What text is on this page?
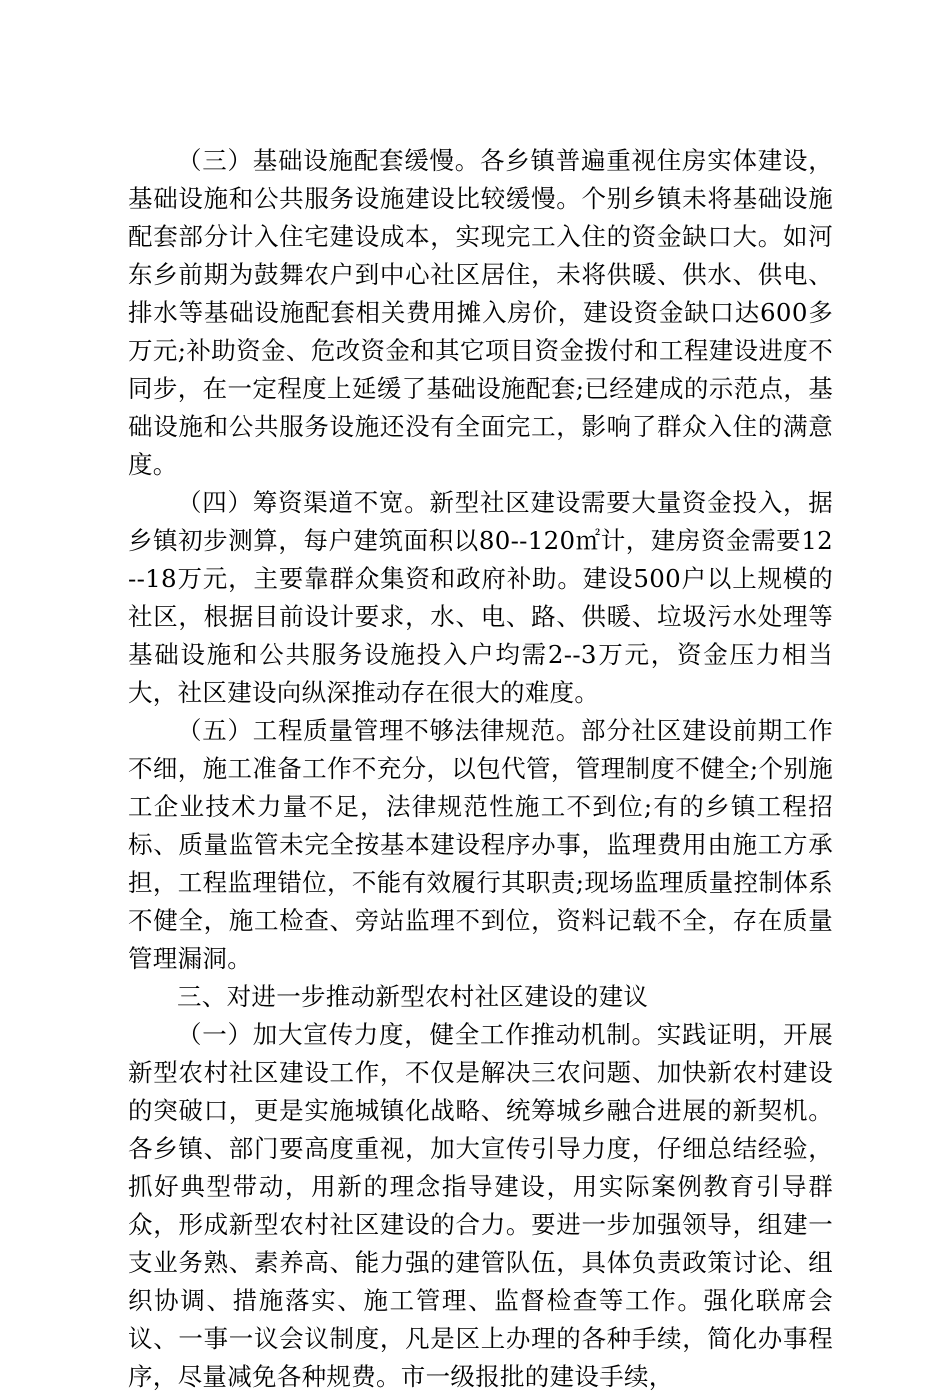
（三）基础设施配套缓慢。各乡镇普遍重视住房实体建设，基础设施和公共服务设施建设比较缓慢。个别乡镇未将基础设施配套部分计入住宅建设成本，实现完工入住的资金缺口大。如河东乡前期为鼓舞农户到中心社区居住，未将供暖、供水、供电、排水等基础设施配套相关费用摊入房价，建设资金缺口达600多万元;补助资金、危改资金和其它项目资金拨付和工程建设进度不同步，在一定程度上延缓了基础设施配套;已经建成的示范点，基础设施和公共服务设施还没有全面完工，影响了群众入住的满意度。

（四）筹资渠道不宽。新型社区建设需要大量资金投入，据乡镇初步测算，每户建筑面积以80--120㎡计，建房资金需要12--18万元，主要靠群众集资和政府补助。建设500户以上规模的社区，根据目前设计要求，水、电、路、供暖、垃圾污水处理等基础设施和公共服务设施投入户均需2--3万元，资金压力相当大，社区建设向纵深推动存在很大的难度。

（五）工程质量管理不够法律规范。部分社区建设前期工作不细，施工准备工作不充分，以包代管，管理制度不健全;个别施工企业技术力量不足，法律规范性施工不到位;有的乡镇工程招标、质量监管未完全按基本建设程序办事，监理费用由施工方承担，工程监理错位，不能有效履行其职责;现场监理质量控制体系不健全，施工检查、旁站监理不到位，资料记载不全，存在质量管理漏洞。

三、对进一步推动新型农村社区建设的建议

（一）加大宣传力度，健全工作推动机制。实践证明，开展新型农村社区建设工作，不仅是解决三农问题、加快新农村建设的突破口，更是实施城镇化战略、统筹城乡融合进展的新契机。各乡镇、部门要高度重视，加大宣传引导力度，仔细总结经验，抓好典型带动，用新的理念指导建设，用实际案例教育引导群众，形成新型农村社区建设的合力。要进一步加强领导，组建一支业务熟、素养高、能力强的建管队伍，具体负责政策讨论、组织协调、措施落实、施工管理、监督检查等工作。强化联席会议、一事一议会议制度，凡是区上办理的各种手续，简化办事程序，尽量减免各种规费。市一级报批的建设手续，
